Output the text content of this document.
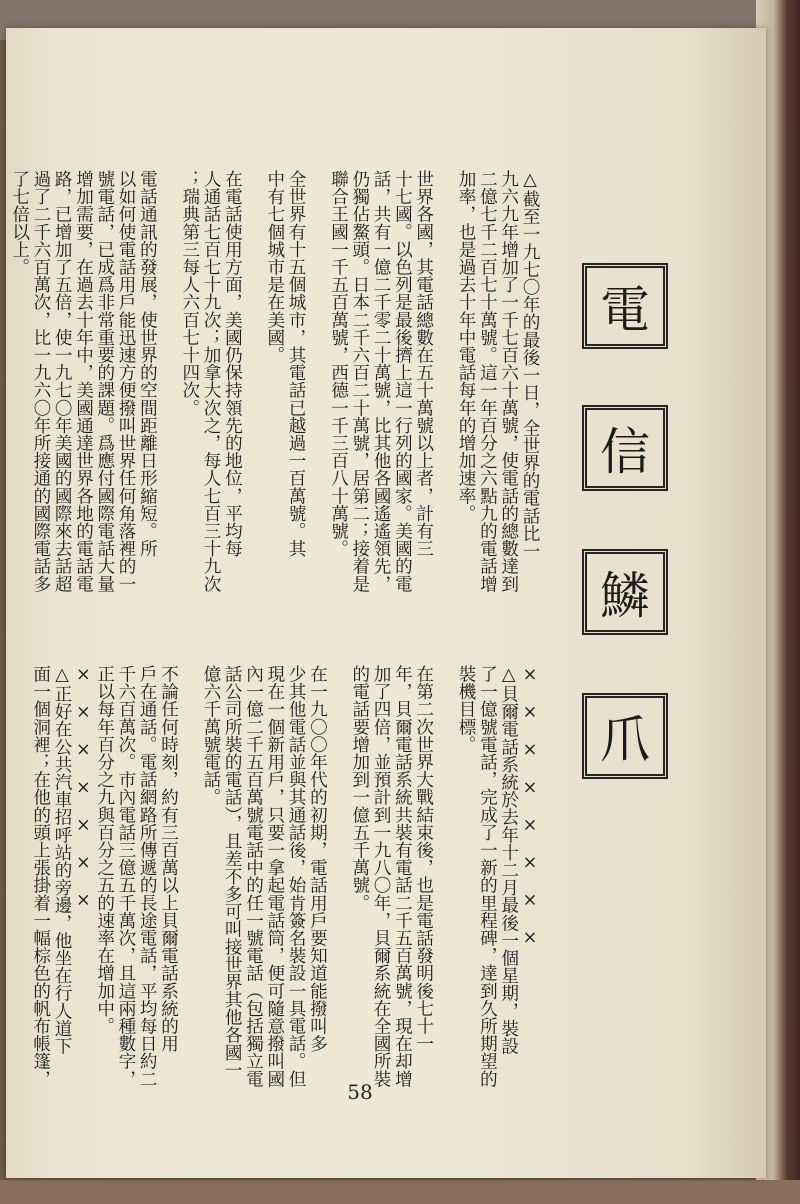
△截至一九七〇年的最後一日，全世界的電話比一
九六九年增加了一千七百六十萬號，使電話的總數達到
二億七千二百七十萬號。這一年百分之六點九的電話增
加率，也是過去十年中電話每年的增加速率。
世界各國，其電話總數在五十萬號以上者，計有三
十七國。以色列是最後擠上這一行列的國家。美國的電
話，共有一億二千零二十萬號，比其他各國遙遙領先，
仍獨佔鰲頭。日本二千六百二十萬號，居第二；接着是
聯合王國一千五百萬號，西德一千三百八十萬號。
全世界有十五個城市，其電話已越過一百萬號。其
中有七個城市是在美國。
在電話使用方面，美國仍保持領先的地位，平均每
人通話七百七十九次；加拿大次之，每人七百三十九次
；瑞典第三每人六百七十四次。
電話通訊的發展，使世界的空間距離日形縮短。所
以如何使電話用戶能迅速方便撥叫世界任何角落裡的一
號電話，已成爲非常重要的課題。爲應付國際電話大量
增加需要，在過去十年中，美國通達世界各地的電話電
路，已增加了五倍，使一九七〇年美國的國際來去話超
過了二千六百萬次，比一九六〇年所接通的國際電話多
了七倍以上。
×　×　×　×　×　×　×　×
△貝爾電話系統於去年十二月最後一個星期，裝設
了一億號電話，完成了一新的里程碑，達到久所期望的
裝機目標。
在第二次世界大戰結束後，也是電話發明後七十一
年，貝爾電話系統共裝有電話二千五百萬號，現在却增
加了四倍，並預計到一九八〇年，貝爾系統在全國所裝
的電話要增加到一億五千萬號。
在一九〇〇年代的初期，電話用戶要知道能撥叫多
少其他電話並與其通話後，始肯簽名裝設一具電話。但
現在一個新用戶，只要一拿起電話筒，便可隨意撥叫國
內一億二千五百萬號電話中的任一號電話（包括獨立電
話公司所裝的電話），且差不多可叫接世界其他各國一
億六千萬號電話。
不論任何時刻，約有三百萬以上貝爾電話系統的用
戶在通話。電話網路所傳遞的長途電話，平均每日約二
千六百萬次。市內電話三億五千萬次，且這兩種數字，
正以每年百分之九與百分之五的速率在增加中。
×　×　×　×　×　×　×
△正好在公共汽車招呼站的旁邊，他坐在行人道下
面一個洞裡；在他的頭上張掛着一幅棕色的帆布帳篷，
電
信
鱗
爪
58
